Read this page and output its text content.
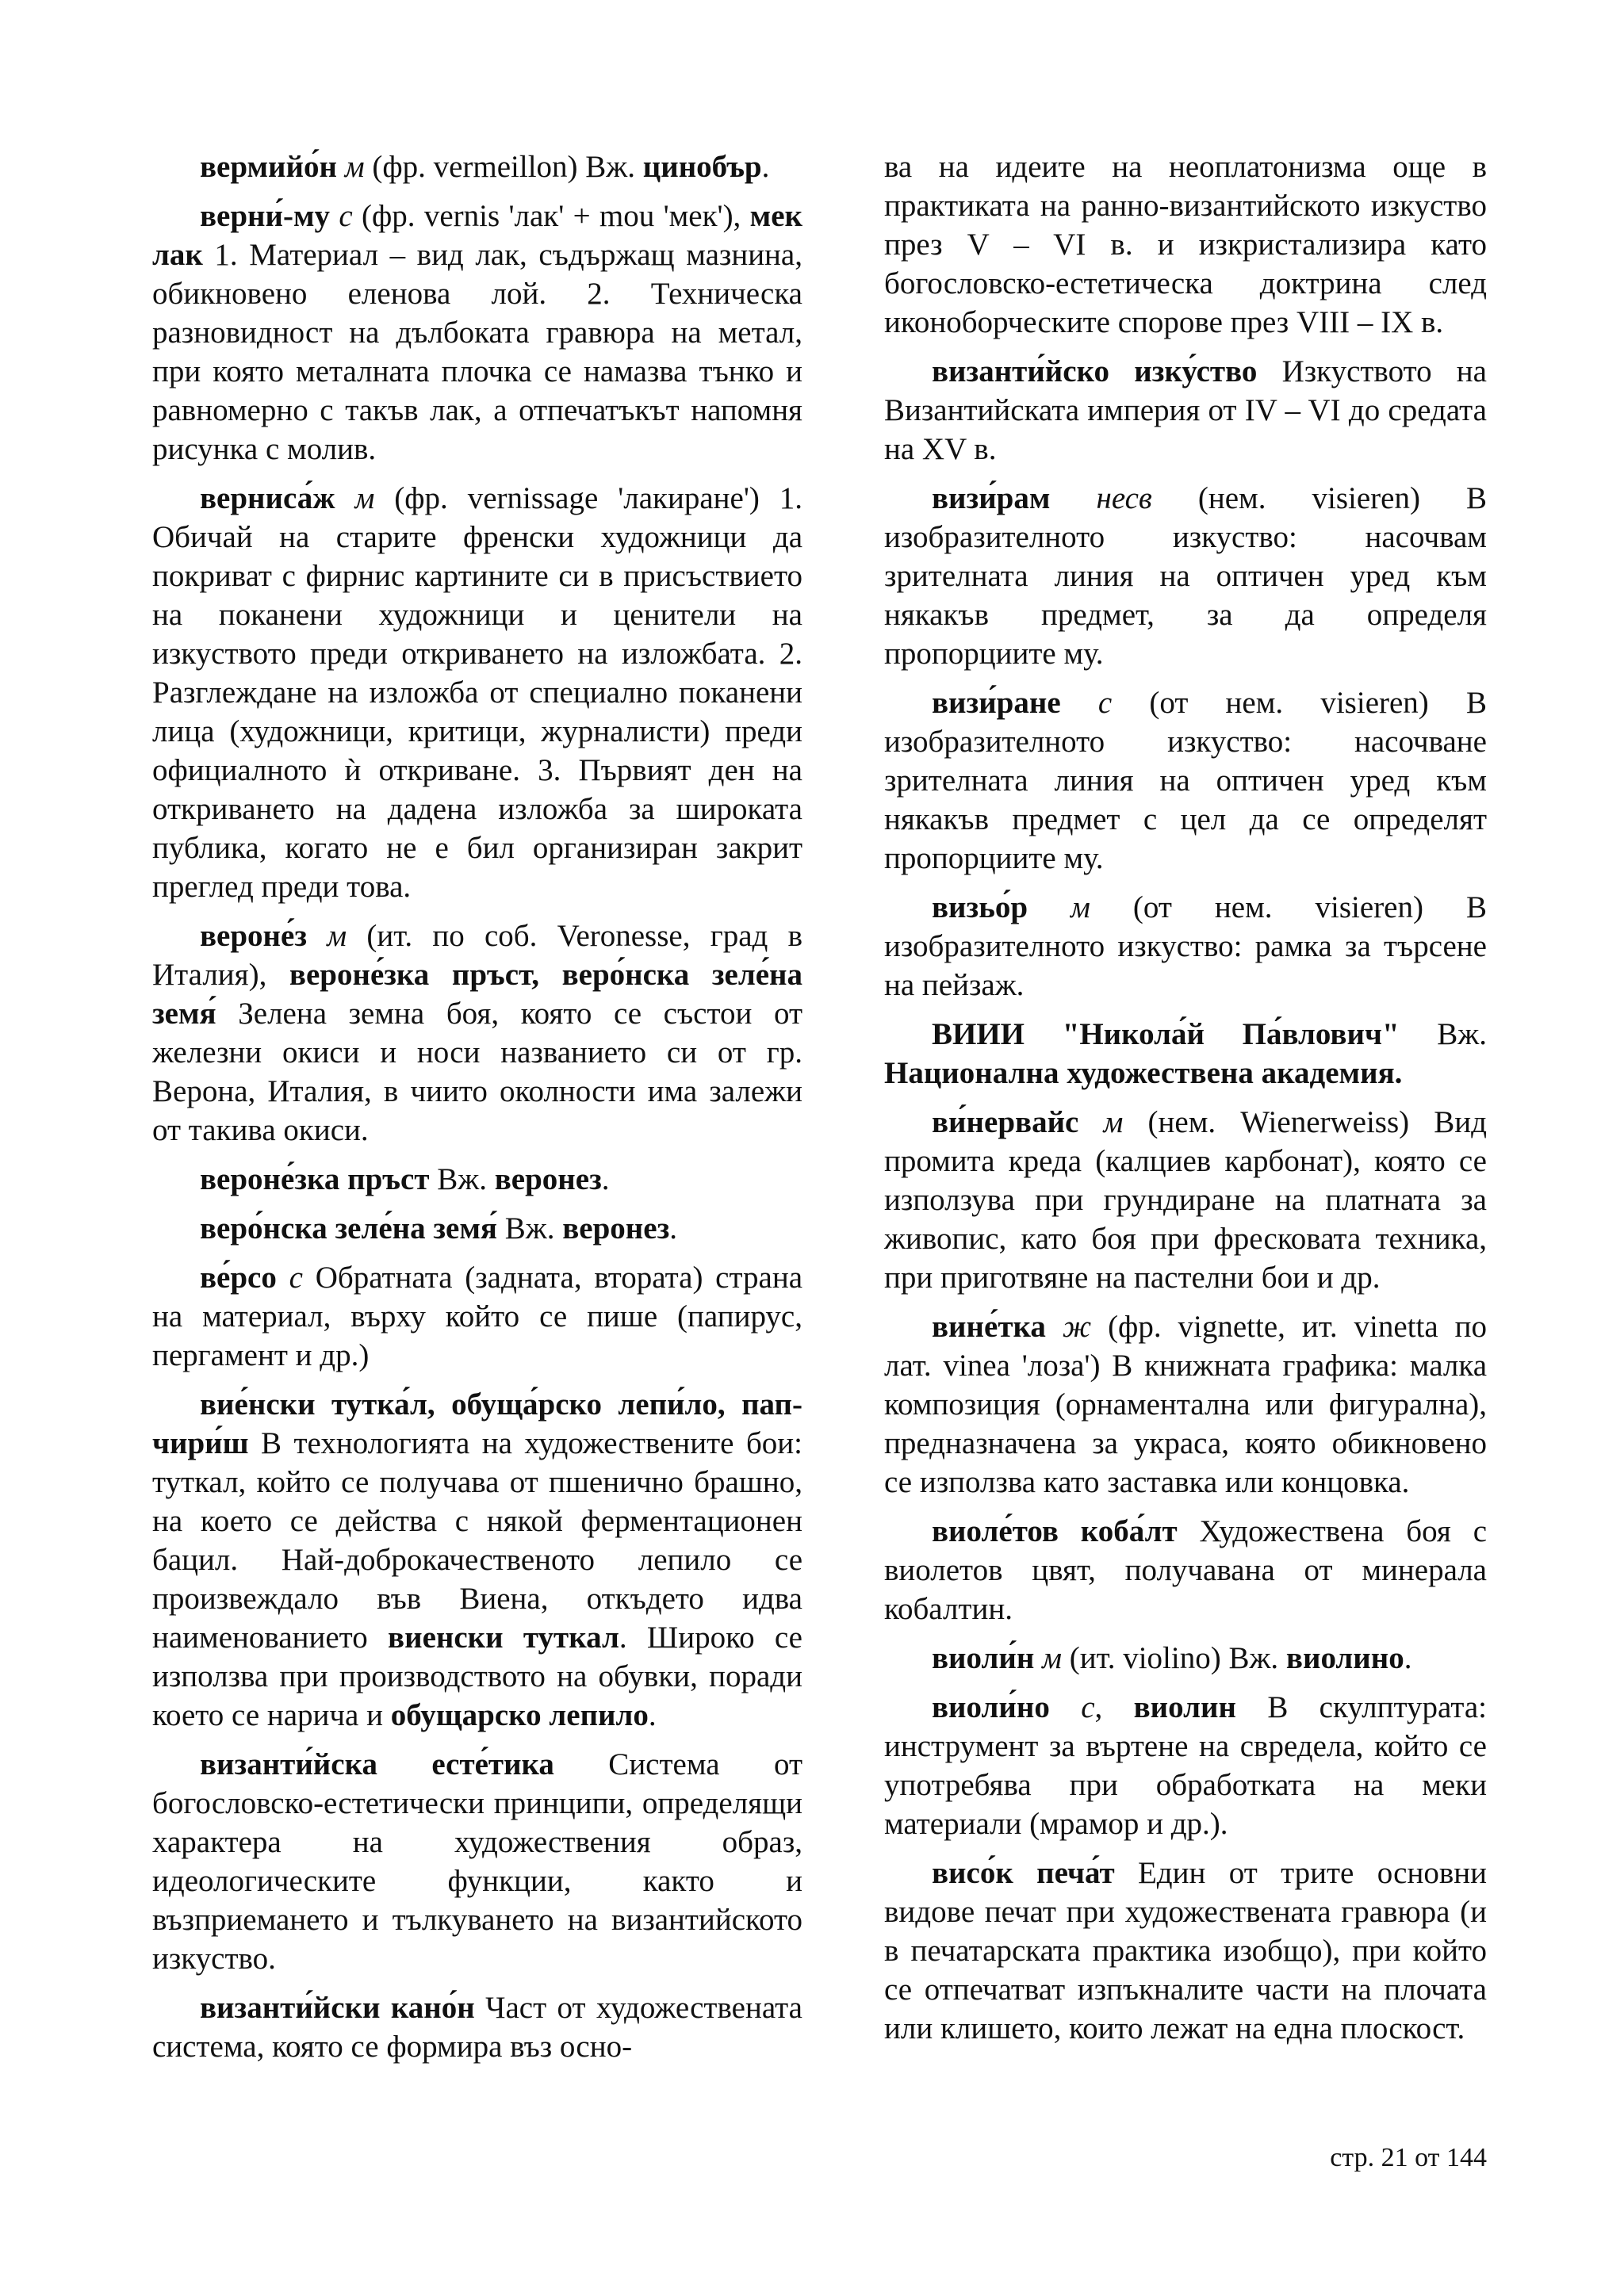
вермийо́н м (фр. vermeillon) Вж. цинобър.

верни́-му с (фр. vernis 'лак' + mou 'мек'), мек лак 1. Материал – вид лак, съдържащ мазнина, обикновено еленова лой. 2. Техническа разновидност на дълбоката гравюра на метал, при която металната плочка се намазва тънко и равномерно с такъв лак, а отпечатъкът напомня рисунка с молив.

верниса́ж м (фр. vernissage 'лакиране') 1. Обичай на старите френски художници да покриват с фирнис картините си в присъствието на поканени художници и ценители на изкуството преди откриването на изложбата. 2. Разглеждане на изложба от специално поканени лица (художници, критици, журналисти) преди официалното ѝ откриване. 3. Първият ден на откриването на дадена изложба за широката публика, когато не е бил организиран закрит преглед преди това.

вероне́з м (ит. по соб. Veronesse, град в Италия), вероне́зка пръст, веро́нска зеле́на земя́ Зелена земна боя, която се състои от железни окиси и носи названието си от гр. Верона, Италия, в чиито околности има залежи от такива окиси.

вероне́зка пръст Вж. веронез.

веро́нска зеле́на земя́ Вж. веронез.

ве́рсо с Обратната (задната, втората) страна на материал, върху който се пише (папирус, пергамент и др.)

вие́нски тутка́л, обуща́рско лепи́ло, пап-чири́ш В технологията на художествените бои: туткал, който се получава от пшенично брашно, на което се действа с някой ферментационен бацил. Най-доброкачественото лепило се произвеждало във Виена, откъдето идва наименованието виенски туткал. Широко се използва при производството на обувки, поради което се нарича и обущарско лепило.

византи́йска есте́тика Система от богословско-естетически принципи, определящи характера на художествения образ, идеологическите функции, както и възприемането и тълкуването на византийското изкуство.

византи́йски кано́н Част от художествената система, която се формира въз осно-

ва на идеите на неоплатонизма още в практиката на ранно-византийското изкуство през V – VI в. и изкристализира като богословско-естетическа доктрина след иконоборческите спорове през VIII – IX в.

византи́йско изку́ство Изкуството на Византийската империя от IV – VI до средата на XV в.

визи́рам несв (нем. visieren) В изобразителното изкуство: насочвам зрителната линия на оптичен уред към някакъв предмет, за да определя пропорциите му.

визи́ране с (от нем. visieren) В изобразителното изкуство: насочване зрителната линия на оптичен уред към някакъв предмет с цел да се определят пропорциите му.

визьо́р м (от нем. visieren) В изобразителното изкуство: рамка за търсене на пейзаж.

ВИИИ "Никола́й Па́влович" Вж. Национална художествена академия.

ви́нервайс м (нем. Wienerweiss) Вид промита креда (калциев карбонат), която се използува при грундиране на платната за живопис, като боя при фресковата техника, при приготвяне на пастелни бои и др.

вине́тка ж (фр. vignette, ит. vinetta по лат. vinea 'лоза') В книжната графика: малка композиция (орнаментална или фигурална), предназначена за украса, която обикновено се използва като заставка или концовка.

виоле́тов коба́лт Художествена боя с виолетов цвят, получавана от минерала кобалтин.

виоли́н м (ит. violino) Вж. виолино.

виоли́но с, виолин В скулптурата: инструмент за въртене на свредела, който се употребява при обработката на меки материали (мрамор и др.).

висо́к печа́т Един от трите основни видове печат при художествената гравюра (и в печатарската практика изобщо), при който се отпечатват изпъкналите части на плочата или клишето, които лежат на една плоскост.

стр. 21 от 144
